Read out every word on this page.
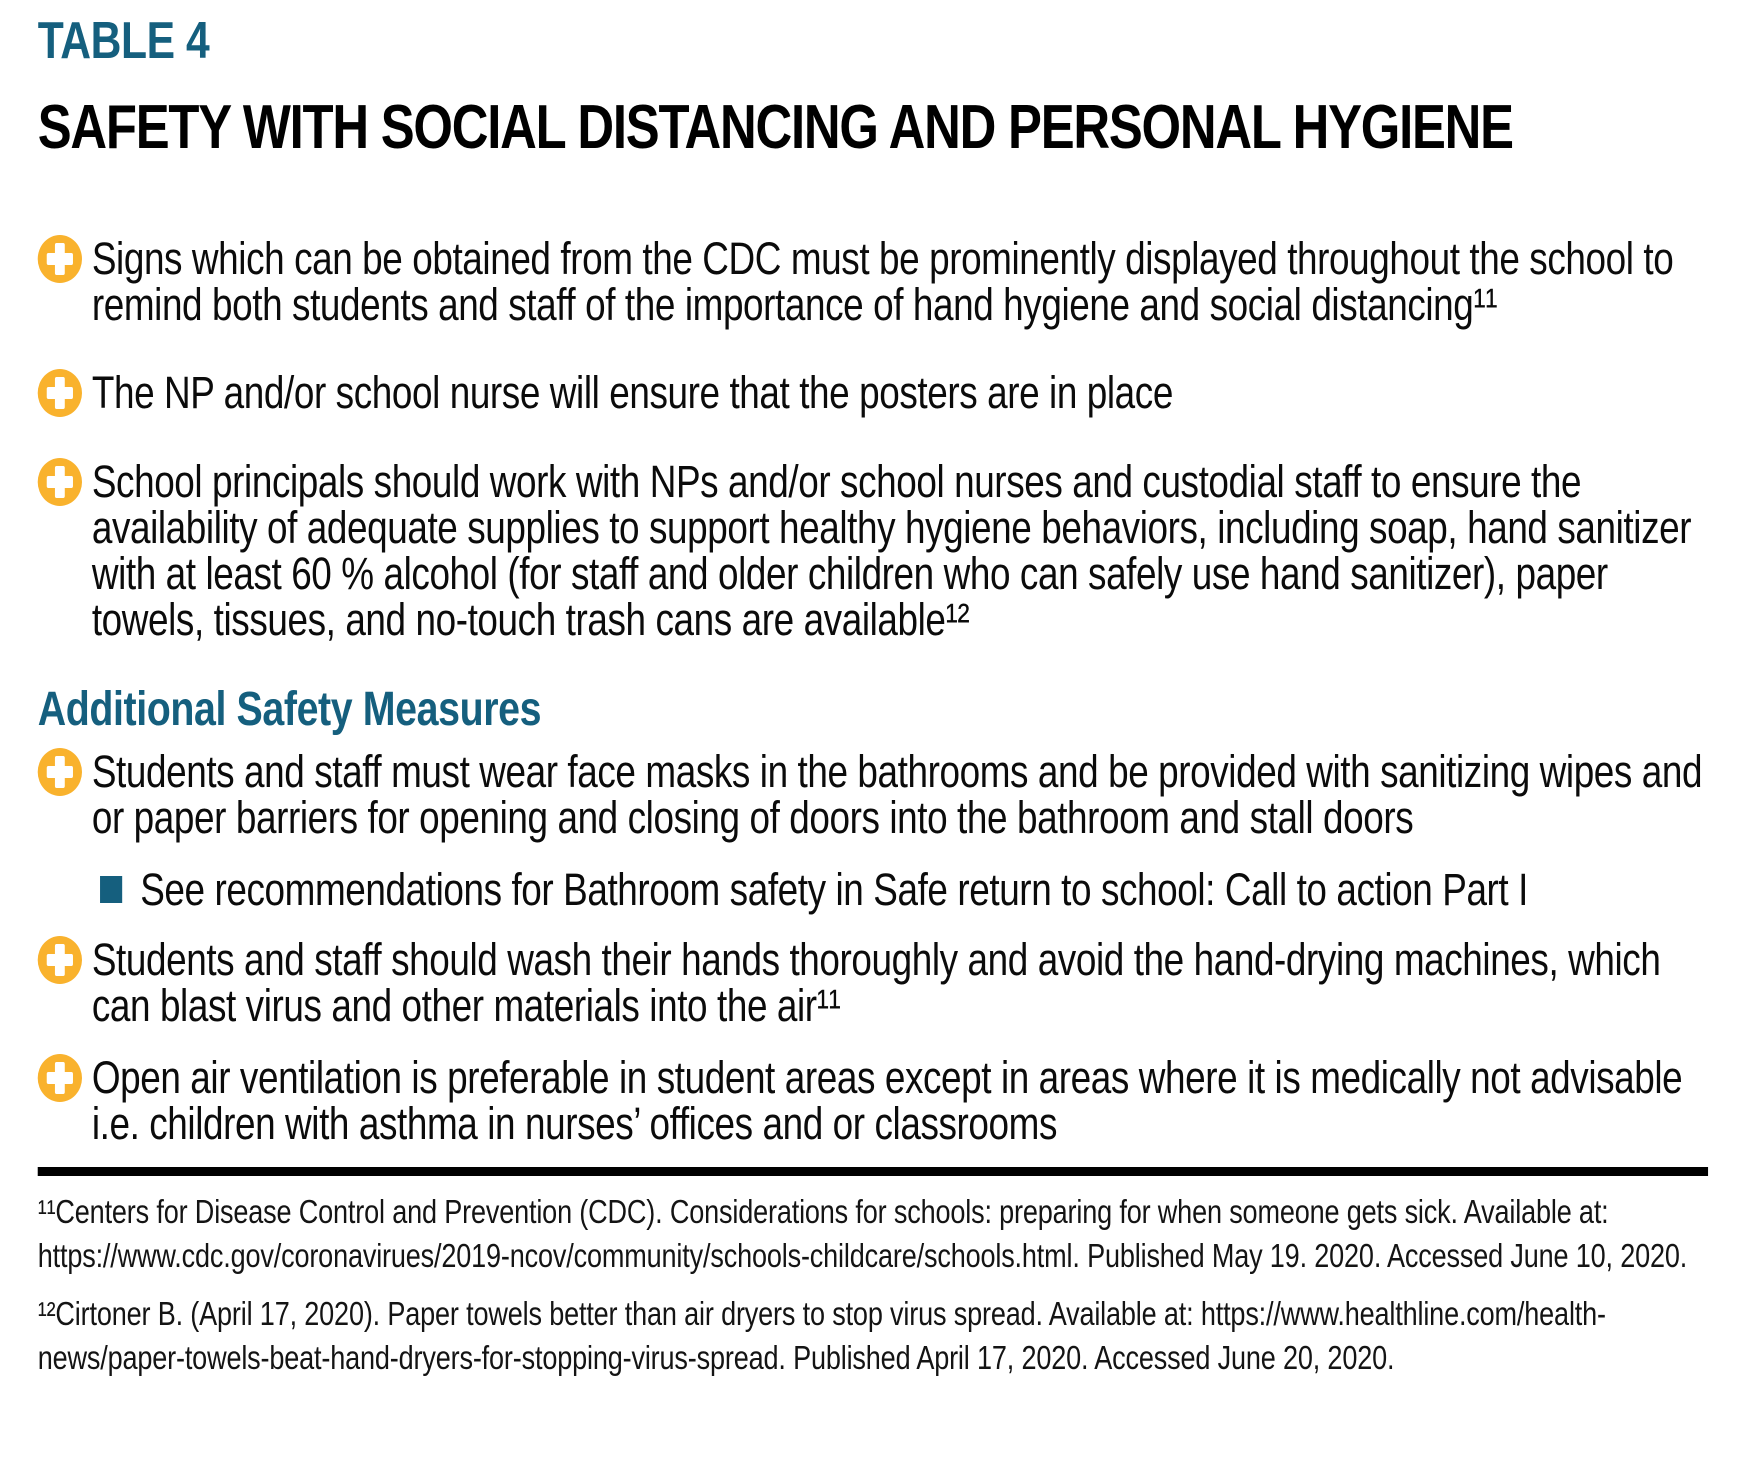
TABLE 4
SAFETY WITH SOCIAL DISTANCING AND PERSONAL HYGIENE

Signs which can be obtained from the CDC must be prominently displayed throughout the school to remind both students and staff of the importance of hand hygiene and social distancing¹¹

The NP and/or school nurse will ensure that the posters are in place

School principals should work with NPs and/or school nurses and custodial staff to ensure the availability of adequate supplies to support healthy hygiene behaviors, including soap, hand sanitizer with at least 60 % alcohol (for staff and older children who can safely use hand sanitizer), paper towels, tissues, and no-touch trash cans are available¹²

Additional Safety Measures

Students and staff must wear face masks in the bathrooms and be provided with sanitizing wipes and or paper barriers for opening and closing of doors into the bathroom and stall doors

See recommendations for Bathroom safety in Safe return to school: Call to action Part I

Students and staff should wash their hands thoroughly and avoid the hand-drying machines, which can blast virus and other materials into the air¹¹

Open air ventilation is preferable in student areas except in areas where it is medically not advisable i.e. children with asthma in nurses’ offices and or classrooms

¹¹Centers for Disease Control and Prevention (CDC). Considerations for schools: preparing for when someone gets sick. Available at: https://www.cdc.gov/coronavirues/2019-ncov/community/schools-childcare/schools.html. Published May 19. 2020. Accessed June 10, 2020.

¹²Cirtoner B. (April 17, 2020). Paper towels better than air dryers to stop virus spread. Available at: https://www.healthline.com/​health-news/paper-towels-beat-hand-dryers-for-stopping-virus-spread. Published April 17, 2020. Accessed June 20, 2020.
